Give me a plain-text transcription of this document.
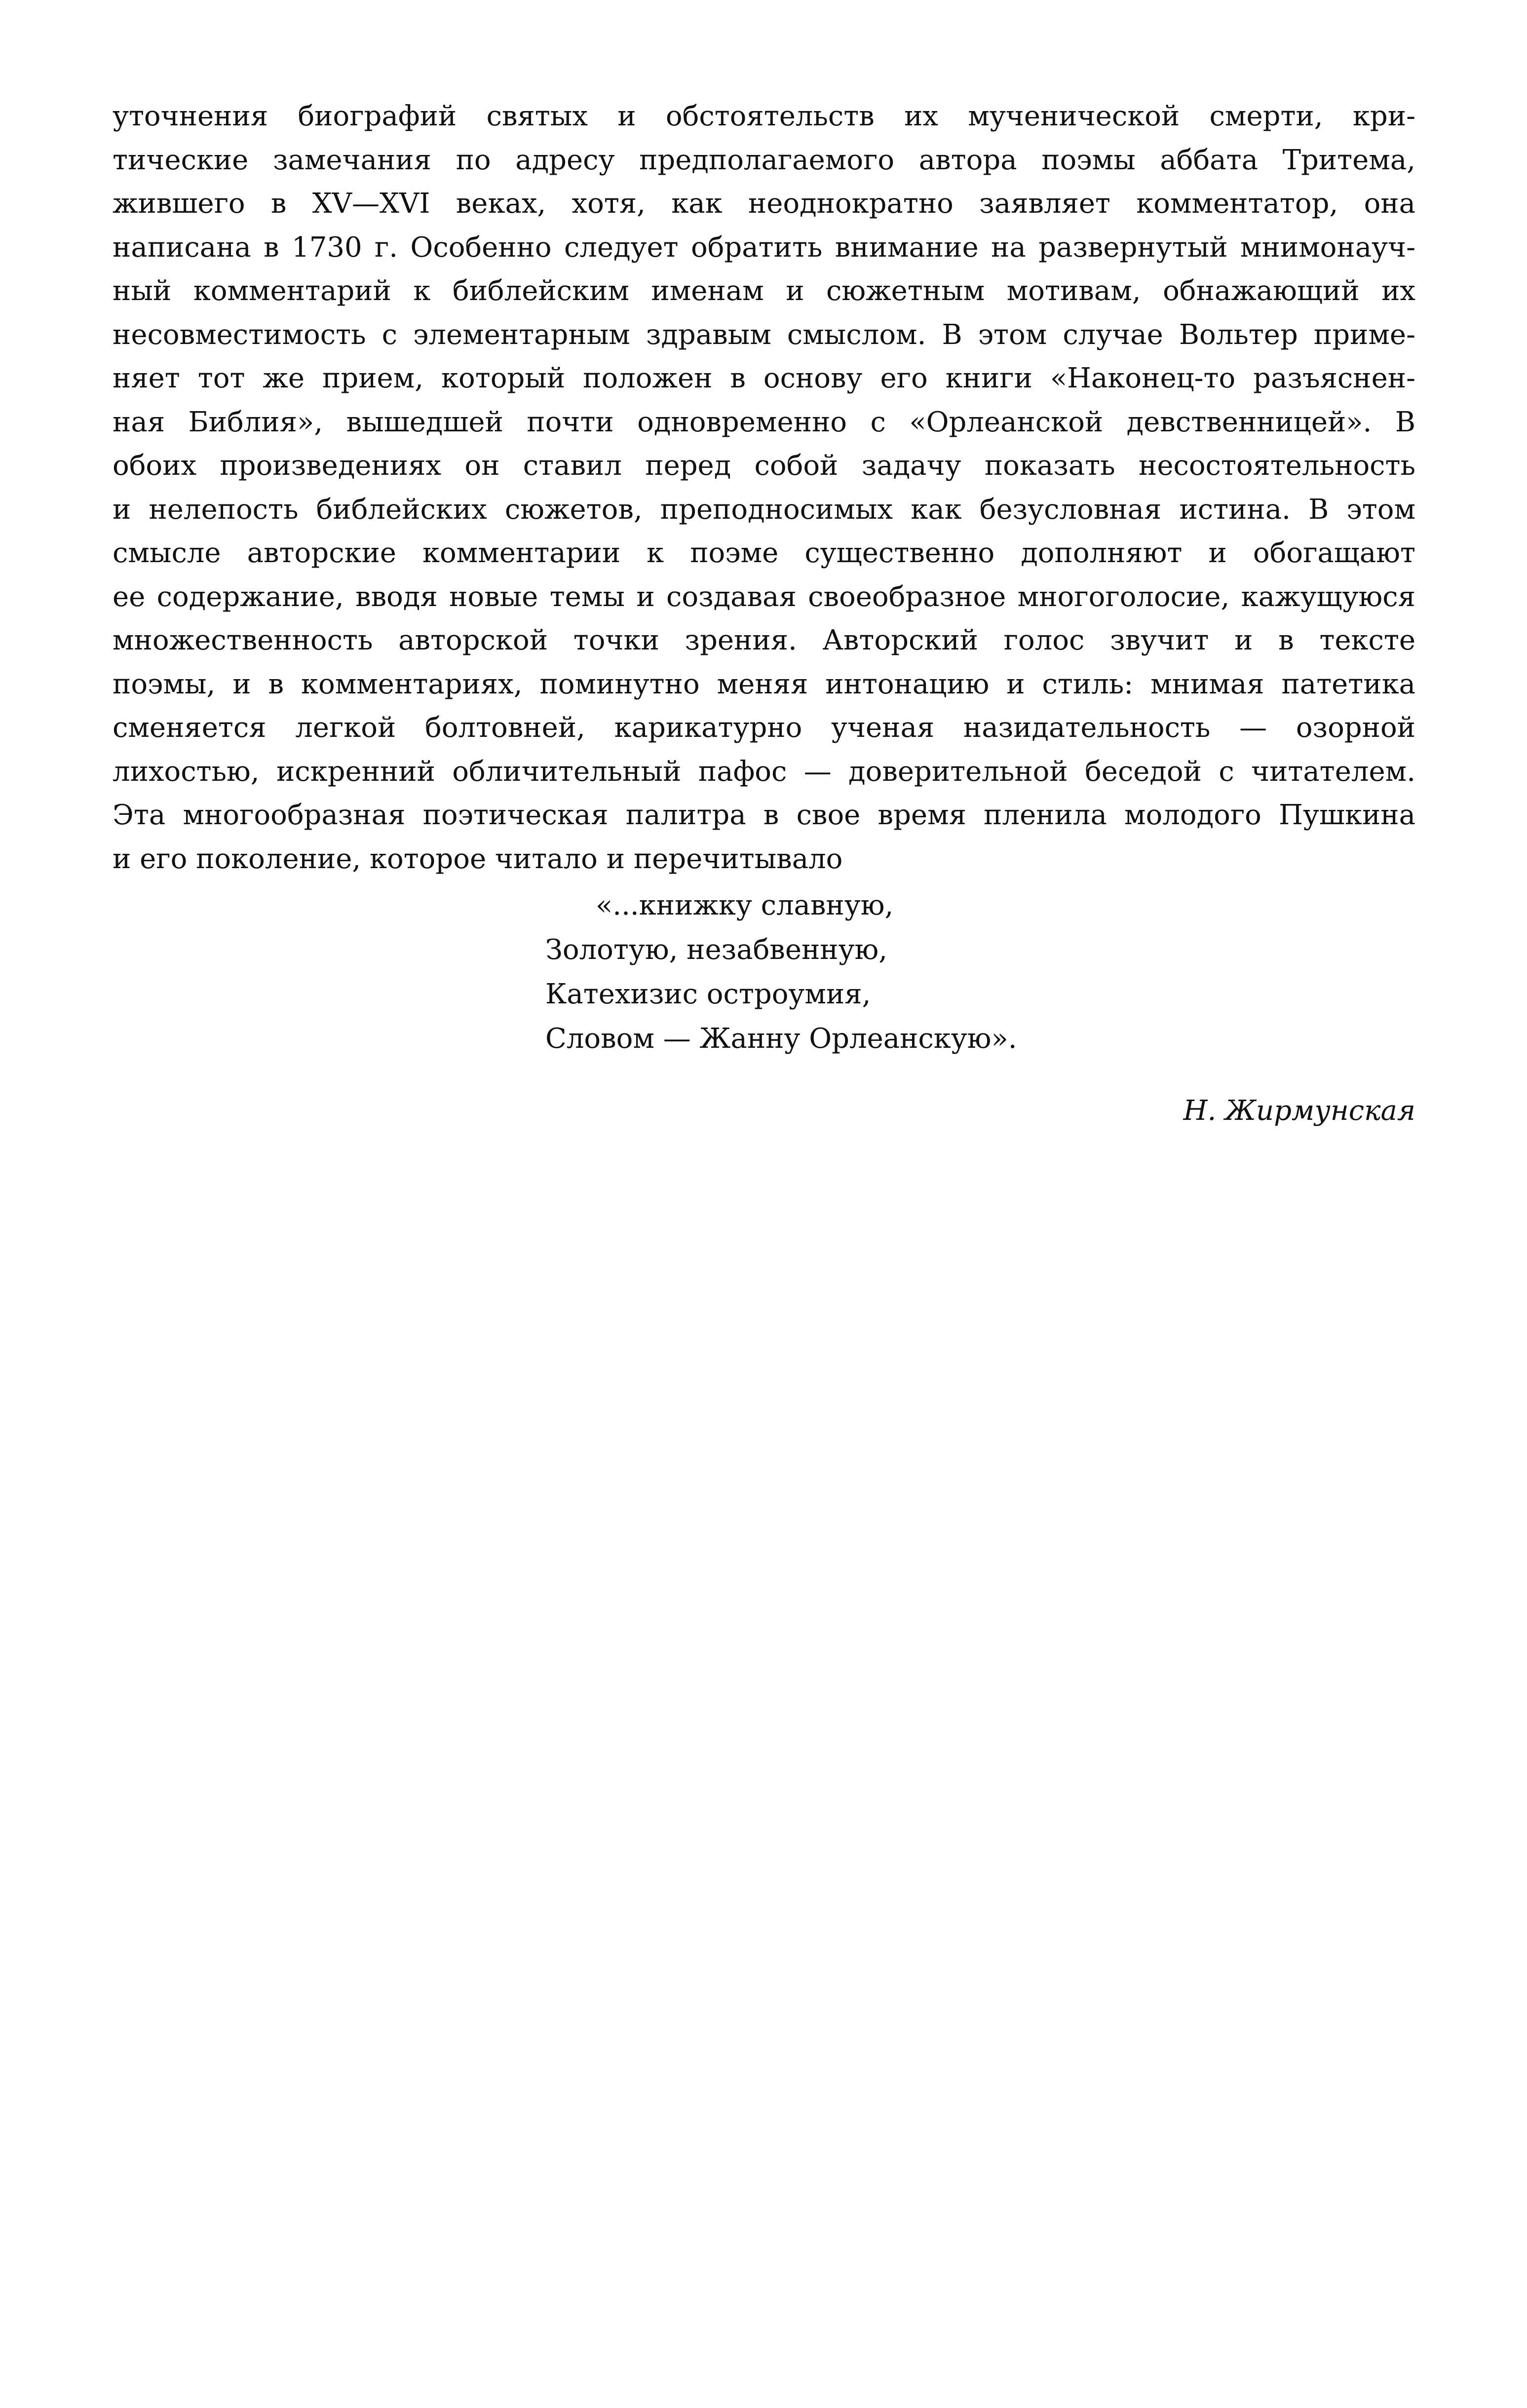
уточнения биографий святых и обстоятельств их мученической смерти, кри-
тические замечания по адресу предполагаемого автора поэмы аббата Тритема,
жившего в XV—XVI веках, хотя, как неоднократно заявляет комментатор, она
написана в 1730 г. Особенно следует обратить внимание на развернутый мнимонауч-
ный комментарий к библейским именам и сюжетным мотивам, обнажающий их
несовместимость с элементарным здравым смыслом. В этом случае Вольтер приме-
няет тот же прием, который положен в основу его книги «Наконец-то разъяснен-
ная Библия», вышедшей почти одновременно с «Орлеанской девственницей». В
обоих произведениях он ставил перед собой задачу показать несостоятельность
и нелепость библейских сюжетов, преподносимых как безусловная истина. В этом
смысле авторские комментарии к поэме существенно дополняют и обогащают
ее содержание, вводя новые темы и создавая своеобразное многоголосие, кажущуюся
множественность авторской точки зрения. Авторский голос звучит и в тексте
поэмы, и в комментариях, поминутно меняя интонацию и стиль: мнимая патетика
сменяется легкой болтовней, карикатурно ученая назидательность — озорной
лихостью, искренний обличительный пафос — доверительной беседой с читателем.
Эта многообразная поэтическая палитра в свое время пленила молодого Пушкина
и его поколение, которое читало и перечитывало
«...книжку славную,
Золотую, незабвенную,
Катехизис остроумия,
Словом — Жанну Орлеанскую».
Н. Жирмунская
